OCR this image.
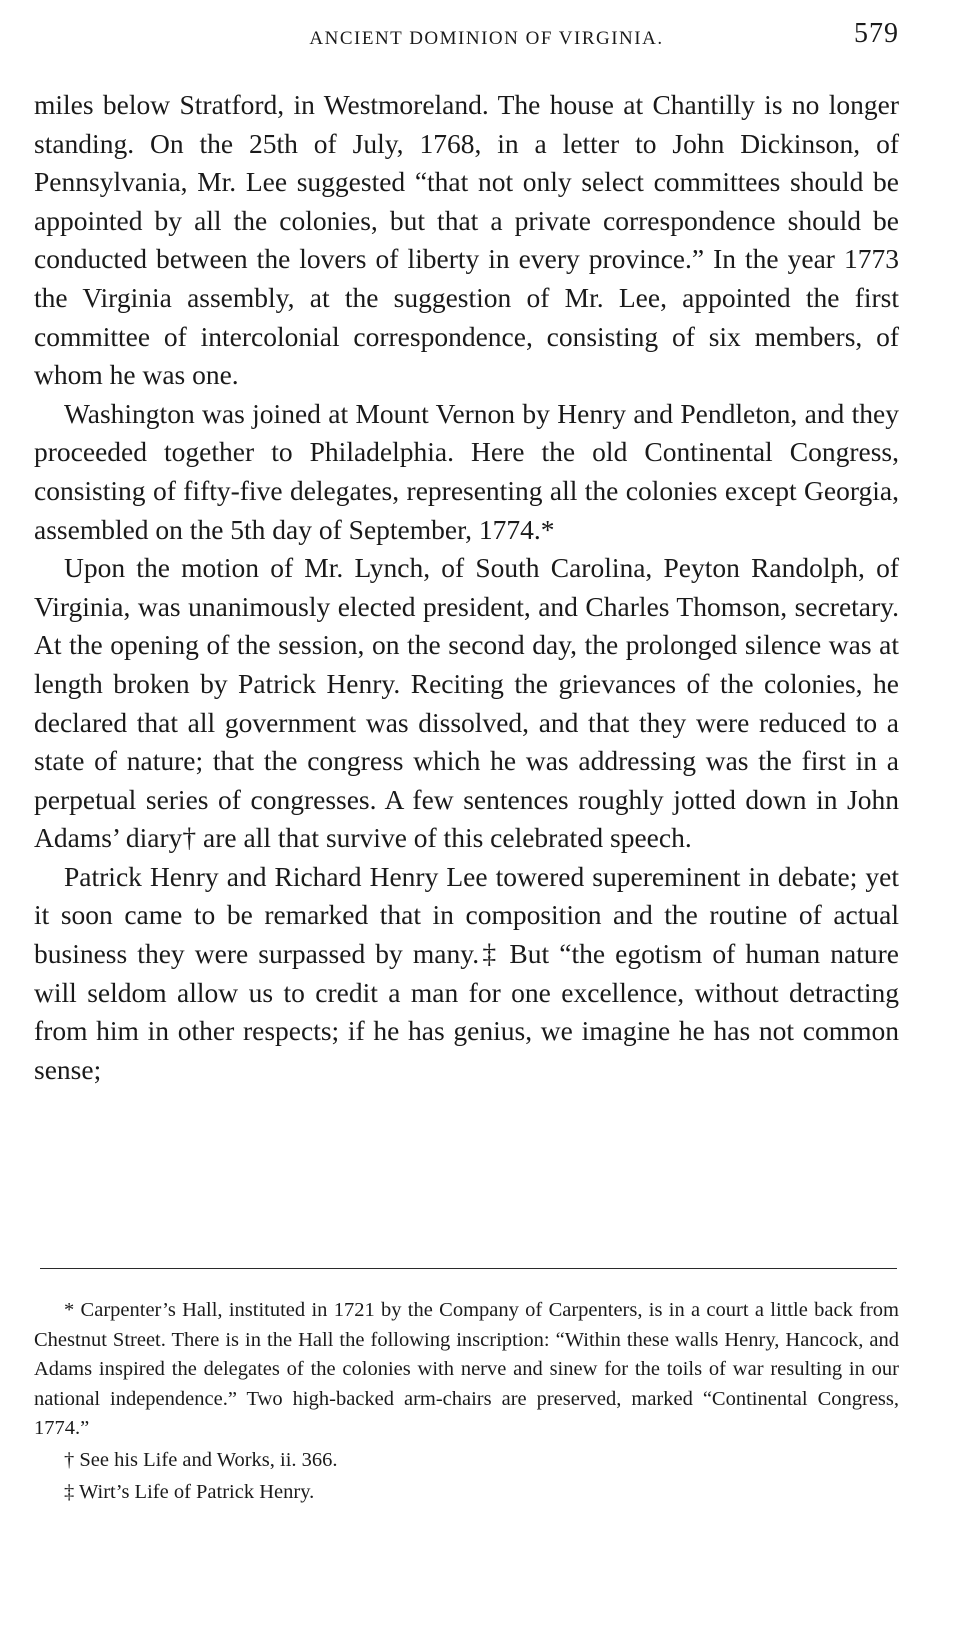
ANCIENT DOMINION OF VIRGINIA.	579

miles below Stratford, in Westmoreland. The house at Chantilly is no longer standing. On the 25th of July, 1768, in a letter to John Dickinson, of Pennsylvania, Mr. Lee suggested “that not only select committees should be appointed by all the colonies, but that a private correspondence should be conducted between the lovers of liberty in every province.” In the year 1773 the Virginia assembly, at the suggestion of Mr. Lee, appointed the first committee of intercolonial correspondence, consisting of six members, of whom he was one.

Washington was joined at Mount Vernon by Henry and Pendleton, and they proceeded together to Philadelphia. Here the old Continental Congress, consisting of fifty-five delegates, representing all the colonies except Georgia, assembled on the 5th day of September, 1774.*

Upon the motion of Mr. Lynch, of South Carolina, Peyton Randolph, of Virginia, was unanimously elected president, and Charles Thomson, secretary. At the opening of the session, on the second day, the prolonged silence was at length broken by Patrick Henry. Reciting the grievances of the colonies, he declared that all government was dissolved, and that they were reduced to a state of nature; that the congress which he was addressing was the first in a perpetual series of congresses. A few sentences roughly jotted down in John Adams’ diary† are all that survive of this celebrated speech.

Patrick Henry and Richard Henry Lee towered supereminent in debate; yet it soon came to be remarked that in composition and the routine of actual business they were surpassed by many.‡ But “the egotism of human nature will seldom allow us to credit a man for one excellence, without detracting from him in other respects; if he has genius, we imagine he has not common sense;

* Carpenter’s Hall, instituted in 1721 by the Company of Carpenters, is in a court a little back from Chestnut Street. There is in the Hall the following inscription: “Within these walls Henry, Hancock, and Adams inspired the delegates of the colonies with nerve and sinew for the toils of war resulting in our national independence.” Two high-backed arm-chairs are preserved, marked “Continental Congress, 1774.”

† See his Life and Works, ii. 366.

‡ Wirt’s Life of Patrick Henry.
